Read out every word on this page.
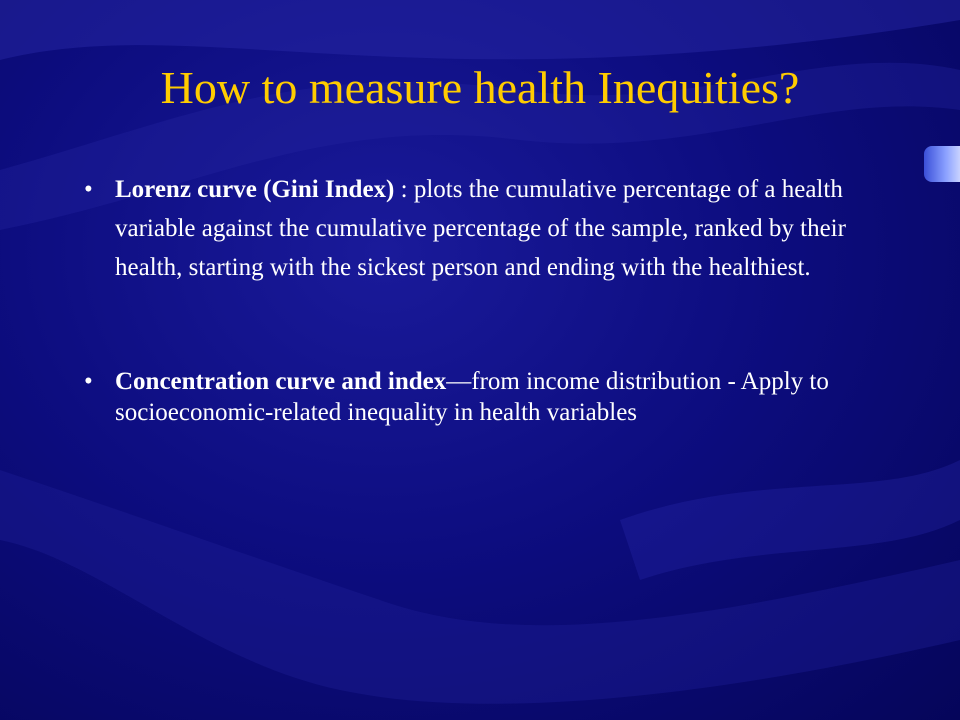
How to measure health Inequities?
• Lorenz curve (Gini Index) : plots the cumulative percentage of a health variable against the cumulative percentage of the sample, ranked by their health, starting with the sickest person and ending with the healthiest.
• Concentration curve and index—from income distribution - Apply to socioeconomic-related inequality in health variables
